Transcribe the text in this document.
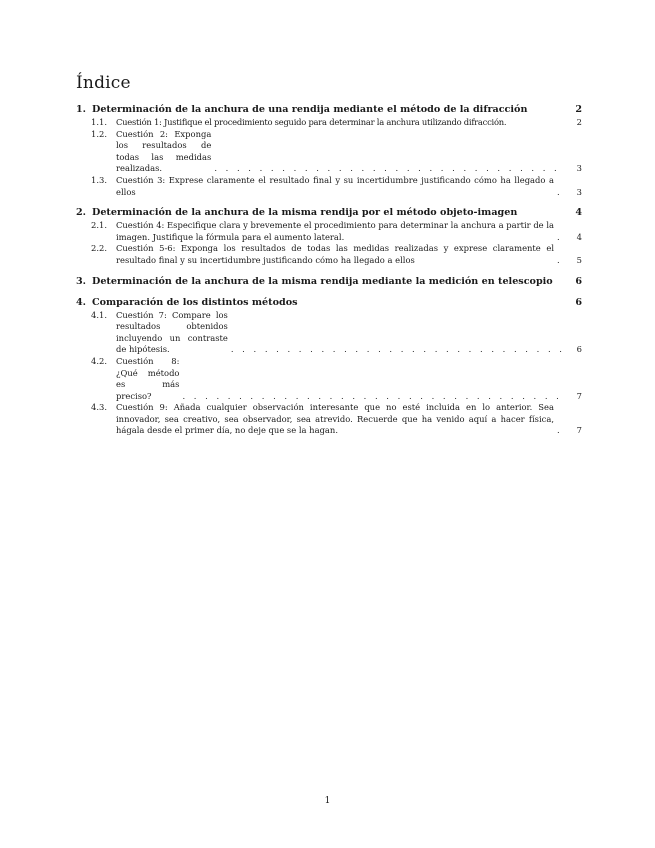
Índice
1. Determinación de la anchura de una rendija mediante el método de la difracción	2
1.1.	Cuestión 1: Justifique el procedimiento seguido para determinar la anchura utilizando difracción.	2
1.2.	Cuestión 2: Exponga los resultados de todas las medidas realizadas. . . .	3
1.3.	Cuestión 3: Exprese claramente el resultado final y su incertidumbre justificando cómo ha llegado a ellos . . .	3
2. Determinación de la anchura de la misma rendija por el método objeto-imagen	4
2.1.	Cuestión 4: Especifique clara y brevemente el procedimiento para determinar la anchura a partir de la imagen. Justifique la fórmula para el aumento lateral. . . .	4
2.2.	Cuestión 5-6: Exponga los resultados de todas las medidas realizadas y exprese claramente el resultado final y su incertidumbre justificando cómo ha llegado a ellos . . .	5
3. Determinación de la anchura de la misma rendija mediante la medición en telescopio	6
4. Comparación de los distintos métodos	6
4.1.	Cuestión 7: Compare los resultados obtenidos incluyendo un contraste de hipótesis. . . .	6
4.2.	Cuestión 8: ¿Qué método es más preciso? . . .	7
4.3.	Cuestión 9: Añada cualquier observación interesante que no esté incluida en lo anterior. Sea innovador, sea creativo, sea observador, sea atrevido. Recuerde que ha venido aquí a hacer física, hágala desde el primer día, no deje que se la hagan. . . .	7
1
